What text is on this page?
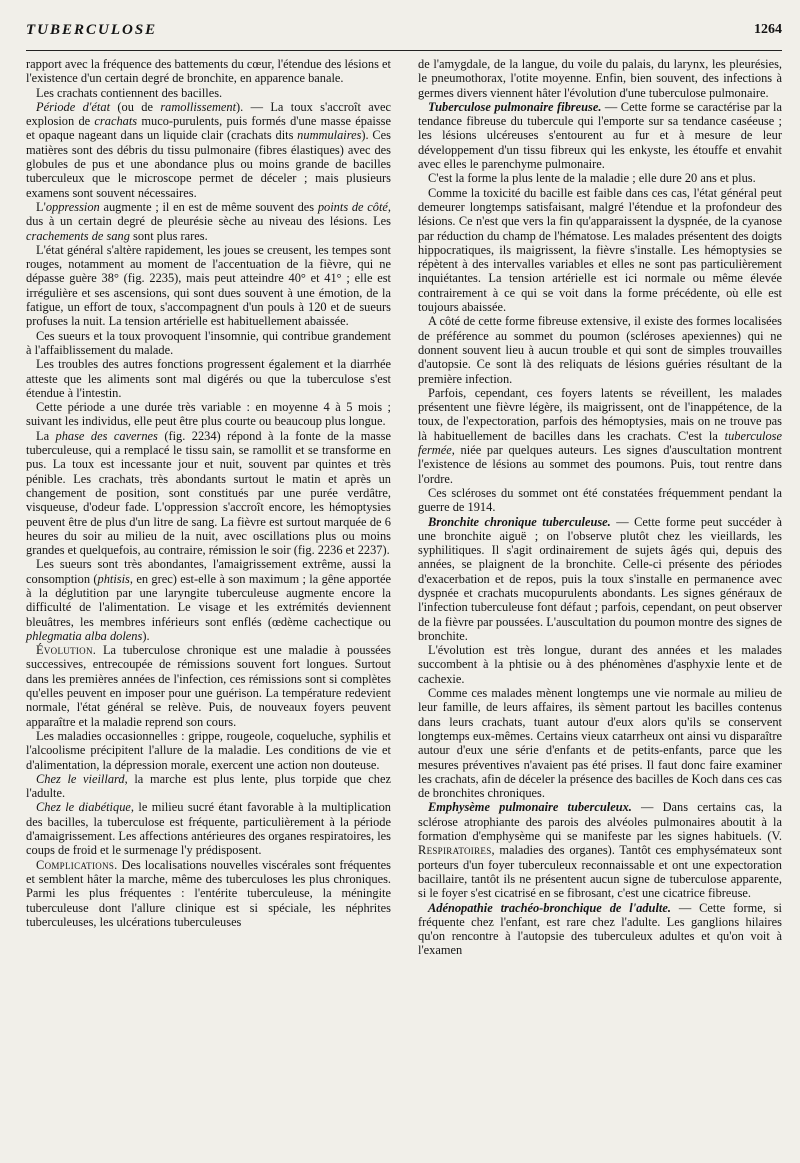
TUBERCULOSE	1264

rapport avec la fréquence des battements du cœur, l'étendue des lésions et l'existence d'un certain degré de bronchite, en apparence banale.

Les crachats contiennent des bacilles.

Période d'état (ou de ramollissement). — La toux s'accroît avec explosion de crachats muco-purulents, puis formés d'une masse épaisse et opaque nageant dans un liquide clair (crachats dits nummulaires). Ces matières sont des débris du tissu pulmonaire (fibres élastiques) avec des globules de pus et une abondance plus ou moins grande de bacilles tuberculeux que le microscope permet de déceler ; mais plusieurs examens sont souvent nécessaires.

L'oppression augmente ; il en est de même souvent des points de côté, dus à un certain degré de pleurésie sèche au niveau des lésions. Les crachements de sang sont plus rares.

L'état général s'altère rapidement, les joues se creusent, les tempes sont rouges, notamment au moment de l'accentuation de la fièvre, qui ne dépasse guère 38° (fig. 2235), mais peut atteindre 40° et 41° ; elle est irrégulière et ses ascensions, qui sont dues souvent à une émotion, de la fatigue, un effort de toux, s'accompagnent d'un pouls à 120 et de sueurs profuses la nuit. La tension artérielle est habituellement abaissée.

Ces sueurs et la toux provoquent l'insomnie, qui contribue grandement à l'affaiblissement du malade.

Les troubles des autres fonctions progressent également et la diarrhée atteste que les aliments sont mal digérés ou que la tuberculose s'est étendue à l'intestin.

Cette période a une durée très variable : en moyenne 4 à 5 mois ; suivant les individus, elle peut être plus courte ou beaucoup plus longue.

La phase des cavernes (fig. 2234) répond à la fonte de la masse tuberculeuse, qui a remplacé le tissu sain, se ramollit et se transforme en pus. La toux est incessante jour et nuit, souvent par quintes et très pénible. Les crachats, très abondants surtout le matin et après un changement de position, sont constitués par une purée verdâtre, visqueuse, d'odeur fade. L'oppression s'accroît encore, les hémoptysies peuvent être de plus d'un litre de sang. La fièvre est surtout marquée de 6 heures du soir au milieu de la nuit, avec oscillations plus ou moins grandes et quelquefois, au contraire, rémission le soir (fig. 2236 et 2237).

Les sueurs sont très abondantes, l'amaigrissement extrême, aussi la consomption (phtisis, en grec) est-elle à son maximum ; la gêne apportée à la déglutition par une laryngite tuberculeuse augmente encore la difficulté de l'alimentation. Le visage et les extrémités deviennent bleuâtres, les membres inférieurs sont enflés (œdème cachectique ou phlegmatia alba dolens).

Évolution. La tuberculose chronique est une maladie à poussées successives, entrecoupée de rémissions souvent fort longues. Surtout dans les premières années de l'infection, ces rémissions sont si complètes qu'elles peuvent en imposer pour une guérison. La température redevient normale, l'état général se relève. Puis, de nouveaux foyers peuvent apparaître et la maladie reprend son cours.

Les maladies occasionnelles : grippe, rougeole, coqueluche, syphilis et l'alcoolisme précipitent l'allure de la maladie. Les conditions de vie et d'alimentation, la dépression morale, exercent une action non douteuse.

Chez le vieillard, la marche est plus lente, plus torpide que chez l'adulte.

Chez le diabétique, le milieu sucré étant favorable à la multiplication des bacilles, la tuberculose est fréquente, particulièrement à la période d'amaigrissement. Les affections antérieures des organes respiratoires, les coups de froid et le surmenage l'y prédisposent.

Complications. Des localisations nouvelles viscérales sont fréquentes et semblent hâter la marche, même des tuberculoses les plus chroniques. Parmi les plus fréquentes : l'entérite tuberculeuse, la méningite tuberculeuse dont l'allure clinique est si spéciale, les néphrites tuberculeuses, les ulcérations tuberculeuses

de l'amygdale, de la langue, du voile du palais, du larynx, les pleurésies, le pneumothorax, l'otite moyenne. Enfin, bien souvent, des infections à germes divers viennent hâter l'évolution d'une tuberculose pulmonaire.

Tuberculose pulmonaire fibreuse. — Cette forme se caractérise par la tendance fibreuse du tubercule qui l'emporte sur sa tendance caséeuse ; les lésions ulcéreuses s'entourent au fur et à mesure de leur développement d'un tissu fibreux qui les enkyste, les étouffe et envahit avec elles le parenchyme pulmonaire.

C'est la forme la plus lente de la maladie ; elle dure 20 ans et plus.

Comme la toxicité du bacille est faible dans ces cas, l'état général peut demeurer longtemps satisfaisant, malgré l'étendue et la profondeur des lésions. Ce n'est que vers la fin qu'apparaissent la dyspnée, de la cyanose par réduction du champ de l'hématose. Les malades présentent des doigts hippocratiques, ils maigrissent, la fièvre s'installe. Les hémoptysies se répètent à des intervalles variables et elles ne sont pas particulièrement inquiétantes. La tension artérielle est ici normale ou même élevée contrairement à ce qui se voit dans la forme précédente, où elle est toujours abaissée.

A côté de cette forme fibreuse extensive, il existe des formes localisées de préférence au sommet du poumon (scléroses apexiennes) qui ne donnent souvent lieu à aucun trouble et qui sont de simples trouvailles d'autopsie. Ce sont là des reliquats de lésions guéries résultant de la première infection.

Parfois, cependant, ces foyers latents se réveillent, les malades présentent une fièvre légère, ils maigrissent, ont de l'inappétence, de la toux, de l'expectoration, parfois des hémoptysies, mais on ne trouve pas là habituellement de bacilles dans les crachats. C'est la tuberculose fermée, niée par quelques auteurs. Les signes d'auscultation montrent l'existence de lésions au sommet des poumons. Puis, tout rentre dans l'ordre.

Ces scléroses du sommet ont été constatées fréquemment pendant la guerre de 1914.

Bronchite chronique tuberculeuse. — Cette forme peut succéder à une bronchite aiguë ; on l'observe plutôt chez les vieillards, les syphilitiques. Il s'agit ordinairement de sujets âgés qui, depuis des années, se plaignent de la bronchite. Celle-ci présente des périodes d'exacerbation et de repos, puis la toux s'installe en permanence avec dyspnée et crachats mucopurulents abondants. Les signes généraux de l'infection tuberculeuse font défaut ; parfois, cependant, on peut observer de la fièvre par poussées. L'auscultation du poumon montre des signes de bronchite.

L'évolution est très longue, durant des années et les malades succombent à la phtisie ou à des phénomènes d'asphyxie lente et de cachexie.

Comme ces malades mènent longtemps une vie normale au milieu de leur famille, de leurs affaires, ils sèment partout les bacilles contenus dans leurs crachats, tuant autour d'eux alors qu'ils se conservent longtemps eux-mêmes. Certains vieux catarrheux ont ainsi vu disparaître autour d'eux une série d'enfants et de petits-enfants, parce que les mesures préventives n'avaient pas été prises. Il faut donc faire examiner les crachats, afin de déceler la présence des bacilles de Koch dans ces cas de bronchites chroniques.

Emphysème pulmonaire tuberculeux. — Dans certains cas, la sclérose atrophiante des parois des alvéoles pulmonaires aboutit à la formation d'emphysème qui se manifeste par les signes habituels. (V. Respiratoires, maladies des organes). Tantôt ces emphysémateux sont porteurs d'un foyer tuberculeux reconnaissable et ont une expectoration bacillaire, tantôt ils ne présentent aucun signe de tuberculose apparente, si le foyer s'est cicatrisé en se fibrosant, c'est une cicatrice fibreuse.

Adénopathie trachéo-bronchique de l'adulte. — Cette forme, si fréquente chez l'enfant, est rare chez l'adulte. Les ganglions hilaires qu'on rencontre à l'autopsie des tuberculeux adultes et qu'on voit à l'examen
